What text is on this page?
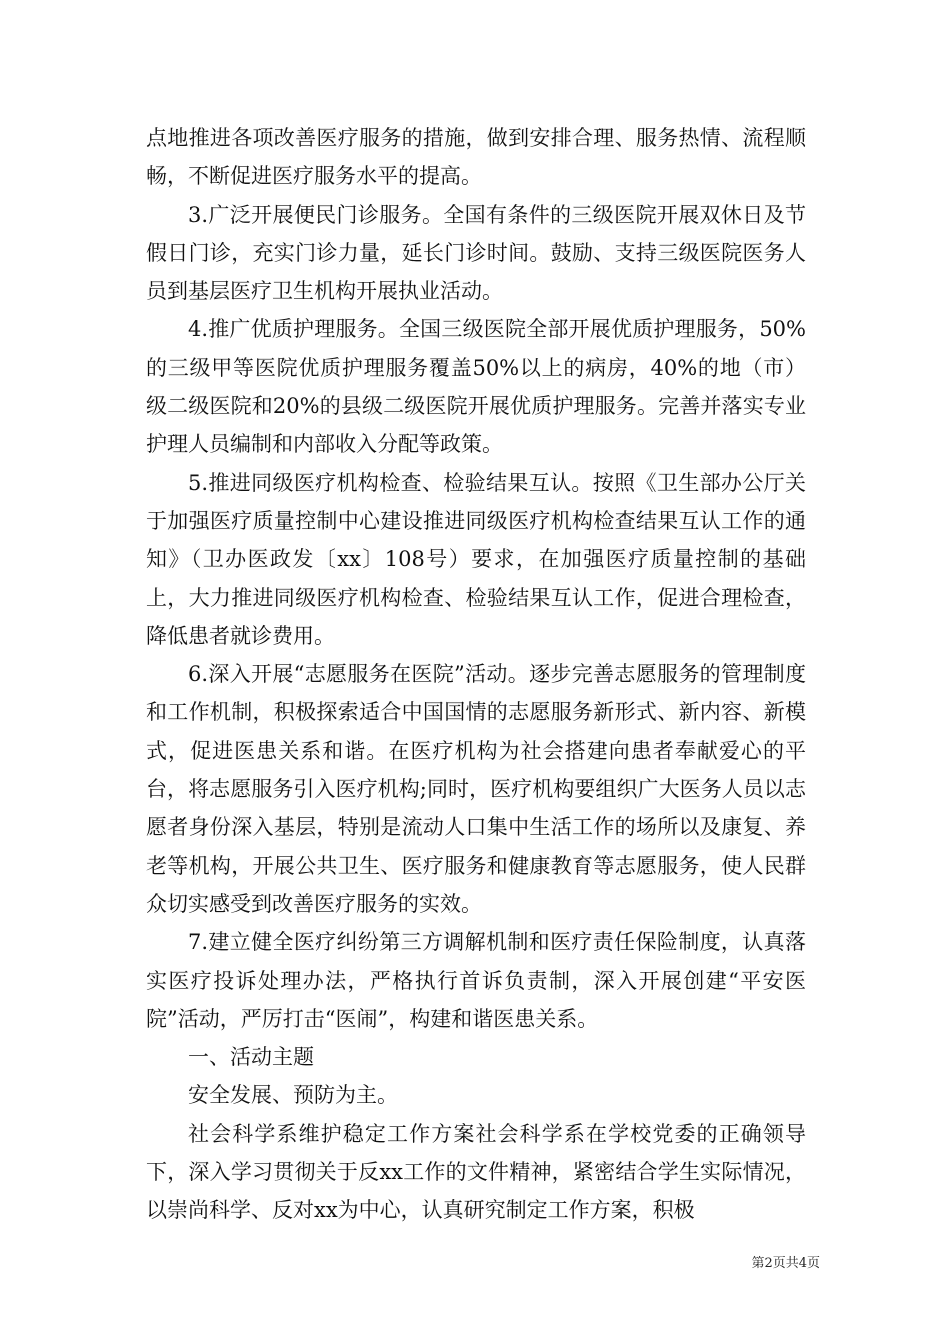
点地推进各项改善医疗服务的措施，做到安排合理、服务热情、流程顺畅，不断促进医疗服务水平的提高。

3.广泛开展便民门诊服务。全国有条件的三级医院开展双休日及节假日门诊，充实门诊力量，延长门诊时间。鼓励、支持三级医院医务人员到基层医疗卫生机构开展执业活动。

4.推广优质护理服务。全国三级医院全部开展优质护理服务，50%的三级甲等医院优质护理服务覆盖50%以上的病房，40%的地（市）级二级医院和20%的县级二级医院开展优质护理服务。完善并落实专业护理人员编制和内部收入分配等政策。

5.推进同级医疗机构检查、检验结果互认。按照《卫生部办公厅关于加强医疗质量控制中心建设推进同级医疗机构检查结果互认工作的通知》（卫办医政发〔xx〕108号）要求，在加强医疗质量控制的基础上，大力推进同级医疗机构检查、检验结果互认工作，促进合理检查，降低患者就诊费用。

6.深入开展“志愿服务在医院”活动。逐步完善志愿服务的管理制度和工作机制，积极探索适合中国国情的志愿服务新形式、新内容、新模式，促进医患关系和谐。在医疗机构为社会搭建向患者奉献爱心的平台，将志愿服务引入医疗机构;同时，医疗机构要组织广大医务人员以志愿者身份深入基层，特别是流动人口集中生活工作的场所以及康复、养老等机构，开展公共卫生、医疗服务和健康教育等志愿服务，使人民群众切实感受到改善医疗服务的实效。

7.建立健全医疗纠纷第三方调解机制和医疗责任保险制度，认真落实医疗投诉处理办法，严格执行首诉负责制，深入开展创建“平安医院”活动，严厉打击“医闹”，构建和谐医患关系。

一、活动主题

安全发展、预防为主。

社会科学系维护稳定工作方案社会科学系在学校党委的正确领导下，深入学习贯彻关于反xx工作的文件精神，紧密结合学生实际情况，以崇尚科学、反对xx为中心，认真研究制定工作方案，积极

第2页共4页
